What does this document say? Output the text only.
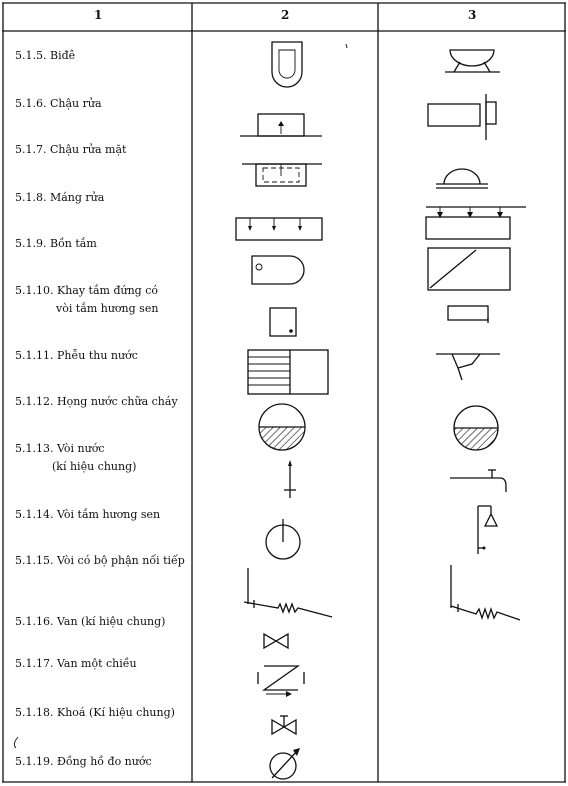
1	2	3
5.1.5. Biđê
5.1.6. Chậu rửa
5.1.7. Chậu rửa mặt
5.1.8. Máng rửa
5.1.9. Bồn tắm
5.1.10. Khay tắm đứng có
vòi tắm hương sen
5.1.11. Phễu thu nước
5.1.12. Họng nước chữa cháy
5.1.13. Vòi nước
(kí hiệu chung)
5.1.14. Vòi tắm hương sen
5.1.15. Vòi có bộ phận nối tiếp
5.1.16. Van (kí hiệu chung)
5.1.17. Van một chiều
5.1.18. Khoá (Kí hiệu chung)
5.1.19. Đồng hồ đo nước
